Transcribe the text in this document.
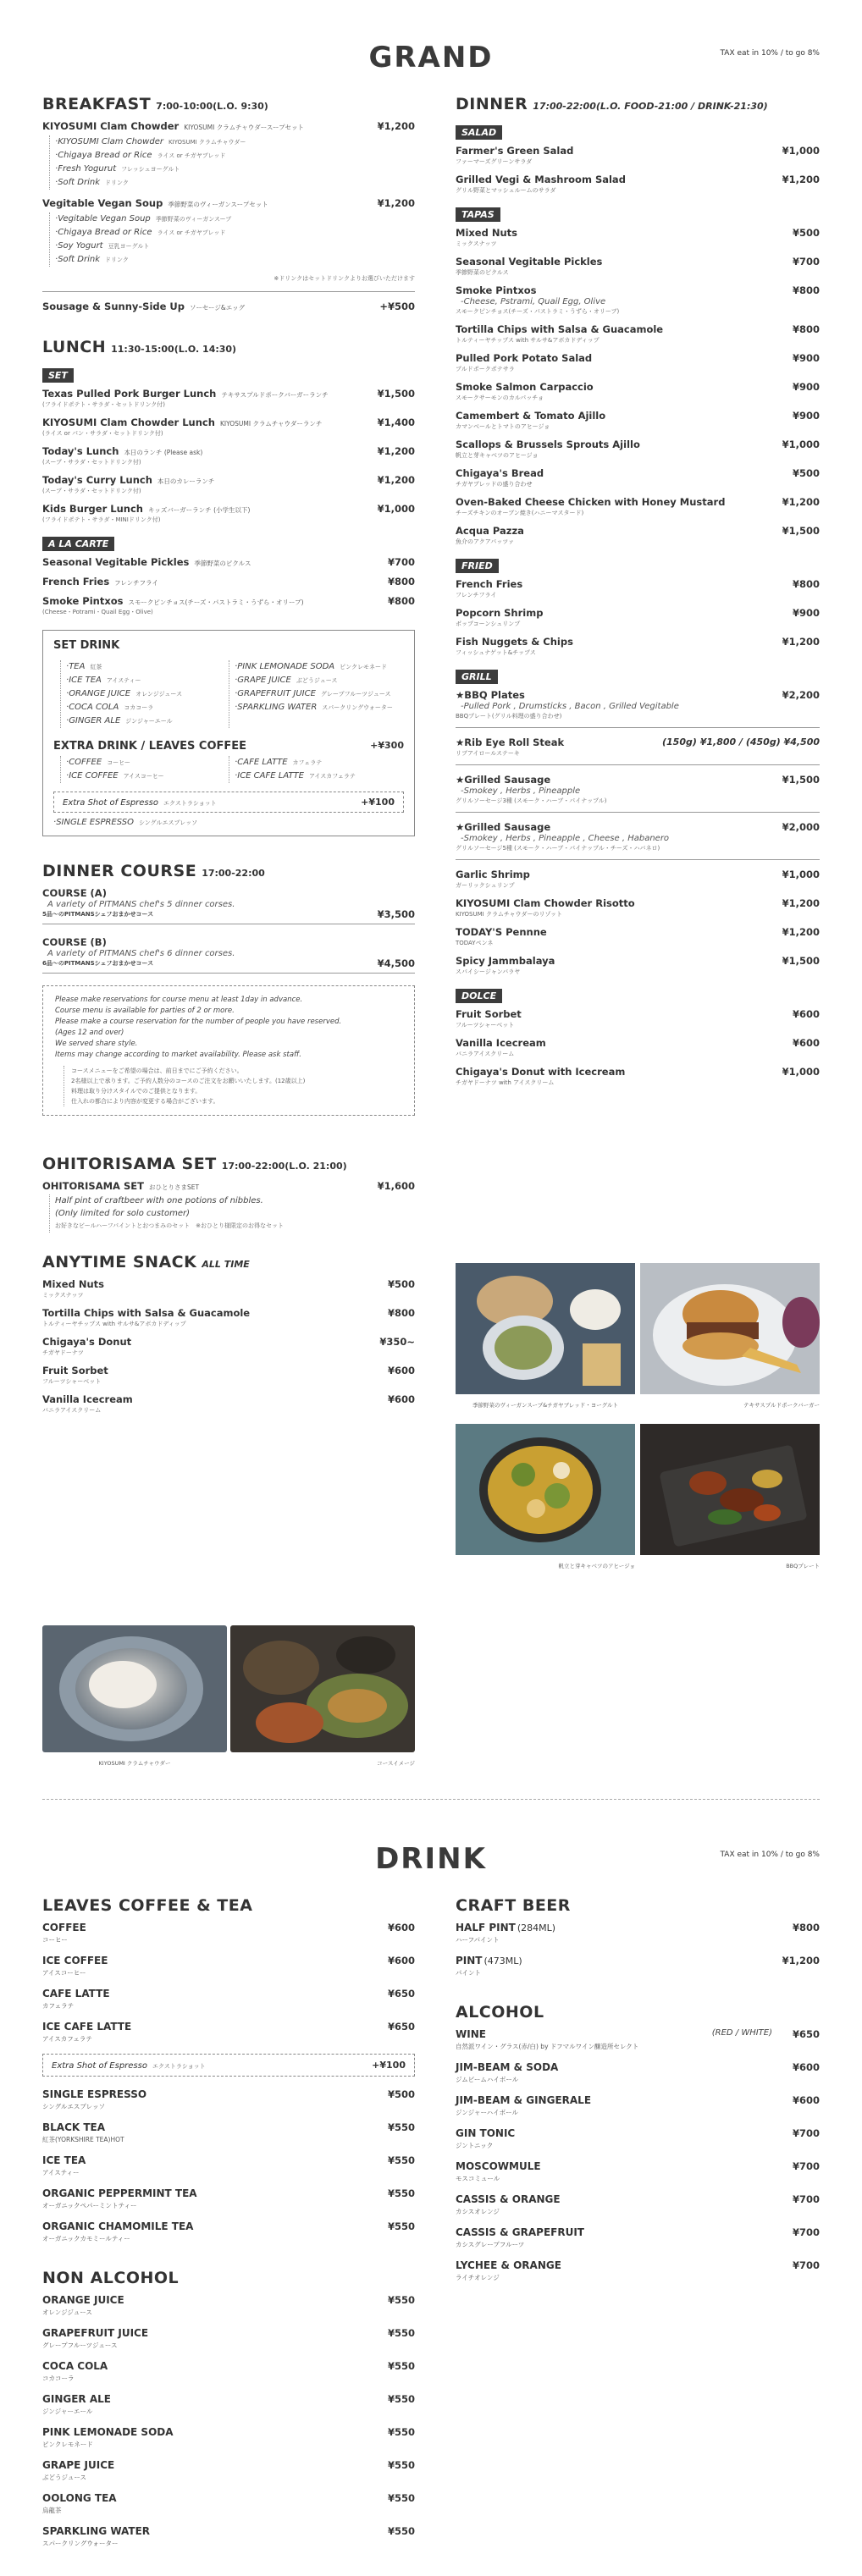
GRAND	TAX eat in 10% / to go 8%
BREAKFAST 7:00-10:00(L.O. 9:30)
KIYOSUMI Clam Chowder KIYOSUMI クラムチャウダースープセット	¥1,200
·KIYOSUMI Clam Chowder KIYOSUMI クラムチャウダー
·Chigaya Bread or Rice ライス or チガヤブレッド
·Fresh Yogurut フレッシュヨーグルト
·Soft Drink ドリンク
Vegitable Vegan Soup 季節野菜のヴィーガンスープセット	¥1,200
·Vegitable Vegan Soup 季節野菜のヴィーガンスープ
·Chigaya Bread or Rice ライス or チガヤブレッド
·Soy Yogurt 豆乳ヨーグルト
·Soft Drink ドリンク
※ドリンクはセットドリンクよりお選びいただけます
Sousage & Sunny-Side Up ソーセージ&エッグ	+¥500
LUNCH 11:30-15:00(L.O. 14:30)
SET
Texas Pulled Pork Burger Lunch テキサスプルドポークバーガーランチ
(フライドポテト・サラダ・セットドリンク付)
¥1,500
KIYOSUMI Clam Chowder Lunch KIYOSUMI クラムチャウダーランチ
(ライス or パン・サラダ・セットドリンク付)
¥1,400
Today's Lunch 本日のランチ (Please ask)
(スープ・サラダ・セットドリンク付)
¥1,200
Today's Curry Lunch 本日のカレーランチ
(スープ・サラダ・セットドリンク付)
¥1,200
Kids Burger Lunch キッズバーガーランチ (小学生以下)
(フライドポテト・サラダ・MINIドリンク付)
¥1,000
A LA CARTE
Seasonal Vegitable Pickles 季節野菜のピクルス	¥700
French Fries フレンチフライ	¥800
Smoke Pintxos スモークピンチョス(チーズ・パストラミ・うずら・オリーブ)
(Cheese・Potrami・Quail Egg・Olive)
¥800
SET DRINK
·TEA 紅茶
·ICE TEA アイスティー
·ORANGE JUICE オレンジジュース
·COCA COLA コカコーラ
·GINGER ALE ジンジャーエール
·PINK LEMONADE SODA ピンクレモネード
·GRAPE JUICE ぶどうジュース
·GRAPEFRUIT JUICE グレープフルーツジュース
·SPARKLING WATER スパークリングウォーター
EXTRA DRINK / LEAVES COFFEE	+¥300
·COFFEE コーヒー
·ICE COFFEE アイスコーヒー
·CAFE LATTE カフェラテ
·ICE CAFE LATTE アイスカフェラテ
Extra Shot of Espresso エクストラショット	+¥100
·SINGLE ESPRESSO シングルエスプレッソ
DINNER COURSE 17:00-22:00
COURSE (A)
A variety of PITMANS chef's 5 dinner corses.
5品〜のPITMANSシェフおまかせコース	¥3,500
COURSE (B)
A variety of PITMANS chef's 6 dinner corses.
6品〜のPITMANSシェフおまかせコース	¥4,500
Please make reservations for course menu at least 1day in advance.
Course menu is available for parties of 2 or more.
Please make a course reservation for the number of people you have reserved.
(Ages 12 and over)
We served share style.
Items may change according to market availability. Please ask staff.
コースメニューをご希望の場合は、前日までにご予約ください。
2名様以上で承ります。ご予約人数分のコースのご注文をお願いいたします。(12歳以上)
料理は取り分けスタイルでのご提供となります。
仕入れの都合により内容が変更する場合がございます。
OHITORISAMA SET 17:00-22:00(L.O. 21:00)
OHITORISAMA SET おひとりさまSET	¥1,600
Half pint of craftbeer with one potions of nibbles.
(Only limited for solo customer)
お好きなビールハーフパイントとおつまみのセット　※おひとり様限定のお得なセット
ANYTIME SNACK ALL TIME
Mixed Nuts
ミックスナッツ
¥500
Tortilla Chips with Salsa & Guacamole
トルティーヤチップス with サルサ&アボカドディップ
¥800
Chigaya's Donut
チガヤドーナツ
¥350~
Fruit Sorbet
フルーツシャーベット
¥600
Vanilla Icecream
バニラアイスクリーム
¥600
KIYOSUMI クラムチャウダー	コースイメージ
DINNER 17:00-22:00(L.O. FOOD-21:00 / DRINK-21:30)
SALAD
Farmer's Green Salad
ファーマーズグリーンサラダ
¥1,000
Grilled Vegi & Mashroom Salad
グリル野菜とマッシュルームのサラダ
¥1,200
TAPAS
Mixed Nuts
ミックスナッツ
¥500
Seasonal Vegitable Pickles
季節野菜のピクルス
¥700
Smoke Pintxos
-Cheese, Pstrami, Quail Egg, Olive
スモークピンチョス(チーズ・パストラミ・うずら・オリーブ)
¥800
Tortilla Chips with Salsa & Guacamole
トルティーヤチップス with サルサ&アボカドディップ
¥800
Pulled Pork Potato Salad
プルドポークポテサラ
¥900
Smoke Salmon Carpaccio
スモークサーモンのカルパッチョ
¥900
Camembert & Tomato Ajillo
カマンベールとトマトのアヒージョ
¥900
Scallops & Brussels Sprouts Ajillo
帆立と芽キャベツのアヒージョ
¥1,000
Chigaya's Bread
チガヤブレッドの盛り合わせ
¥500
Oven-Baked Cheese Chicken with Honey Mustard
チーズチキンのオーブン焼き(ハニーマスタード)
¥1,200
Acqua Pazza
魚介のアクアパッツァ
¥1,500
FRIED
French Fries
フレンチフライ
¥800
Popcorn Shrimp
ポップコーンシュリンプ
¥900
Fish Nuggets & Chips
フィッシュナゲット&チップス
¥1,200
GRILL
★BBQ Plates
-Pulled Pork , Drumsticks , Bacon , Grilled Vegitable
BBQプレート(グリル料理の盛り合わせ)
¥2,200
★Rib Eye Roll Steak
リブアイロールステーキ
(150g) ¥1,800 / (450g) ¥4,500
★Grilled Sausage
-Smokey , Herbs , Pineapple
グリルソーセージ3種 (スモーク・ハーブ・パイナップル)
¥1,500
★Grilled Sausage
-Smokey , Herbs , Pineapple , Cheese , Habanero
グリルソーセージ5種 (スモーク・ハーブ・パイナップル・チーズ・ハバネロ)
¥2,000
Garlic Shrimp
ガーリックシュリンプ
¥1,000
KIYOSUMI Clam Chowder Risotto
KIYOSUMI クラムチャウダーのリゾット
¥1,200
TODAY'S Pennne
TODAYペンネ
¥1,200
Spicy Jammbalaya
スパイシージャンバラヤ
¥1,500
DOLCE
Fruit Sorbet
フルーツシャーベット
¥600
Vanilla Icecream
バニラアイスクリーム
¥600
Chigaya's Donut with Icecream
チガヤドーナツ with アイスクリーム
¥1,000
季節野菜のヴィーガンスープ&チガヤブレッド・ヨーグルト	テキサスプルドポークバーガー
帆立と芽キャベツのアヒージョ	BBQプレート
DRINK	TAX eat in 10% / to go 8%
LEAVES COFFEE & TEA
COFFEE
コーヒー
¥600
ICE COFFEE
アイスコーヒー
¥600
CAFE LATTE
カフェラテ
¥650
ICE CAFE LATTE
アイスカフェラテ
¥650
Extra Shot of Espresso エクストラショット	+¥100
SINGLE ESPRESSO
シングルエスプレッソ
¥500
BLACK TEA
紅茶(YORKSHIRE TEA)HOT
¥550
ICE TEA
アイスティー
¥550
ORGANIC PEPPERMINT TEA
オーガニックペパーミントティー
¥550
ORGANIC CHAMOMILE TEA
オーガニックカモミールティー
¥550
NON ALCOHOL
ORANGE JUICE
オレンジジュース
¥550
GRAPEFRUIT JUICE
グレープフルーツジュース
¥550
COCA COLA
コカコーラ
¥550
GINGER ALE
ジンジャーエール
¥550
PINK LEMONADE SODA
ピンクレモネード
¥550
GRAPE JUICE
ぶどうジュース
¥550
OOLONG TEA
烏龍茶
¥550
SPARKLING WATER
スパークリングウォーター
¥550
CRAFT BEER
HALF PINT (284ML)
ハーフパイント
¥800
PINT (473ML)
パイント
¥1,200
ALCOHOL
WINE
自然派ワイン・グラス(赤/白) by ドフマルワイン醸造所セレクト
(RED / WHITE) ¥650
JIM-BEAM & SODA
ジムビームハイボール
¥600
JIM-BEAM & GINGERALE
ジンジャーハイボール
¥600
GIN TONIC
ジントニック
¥700
MOSCOWMULE
モスコミュール
¥700
CASSIS & ORANGE
カシスオレンジ
¥700
CASSIS & GRAPEFRUIT
カシスグレープフルーツ
¥700
LYCHEE & ORANGE
ライチオレンジ
¥700
